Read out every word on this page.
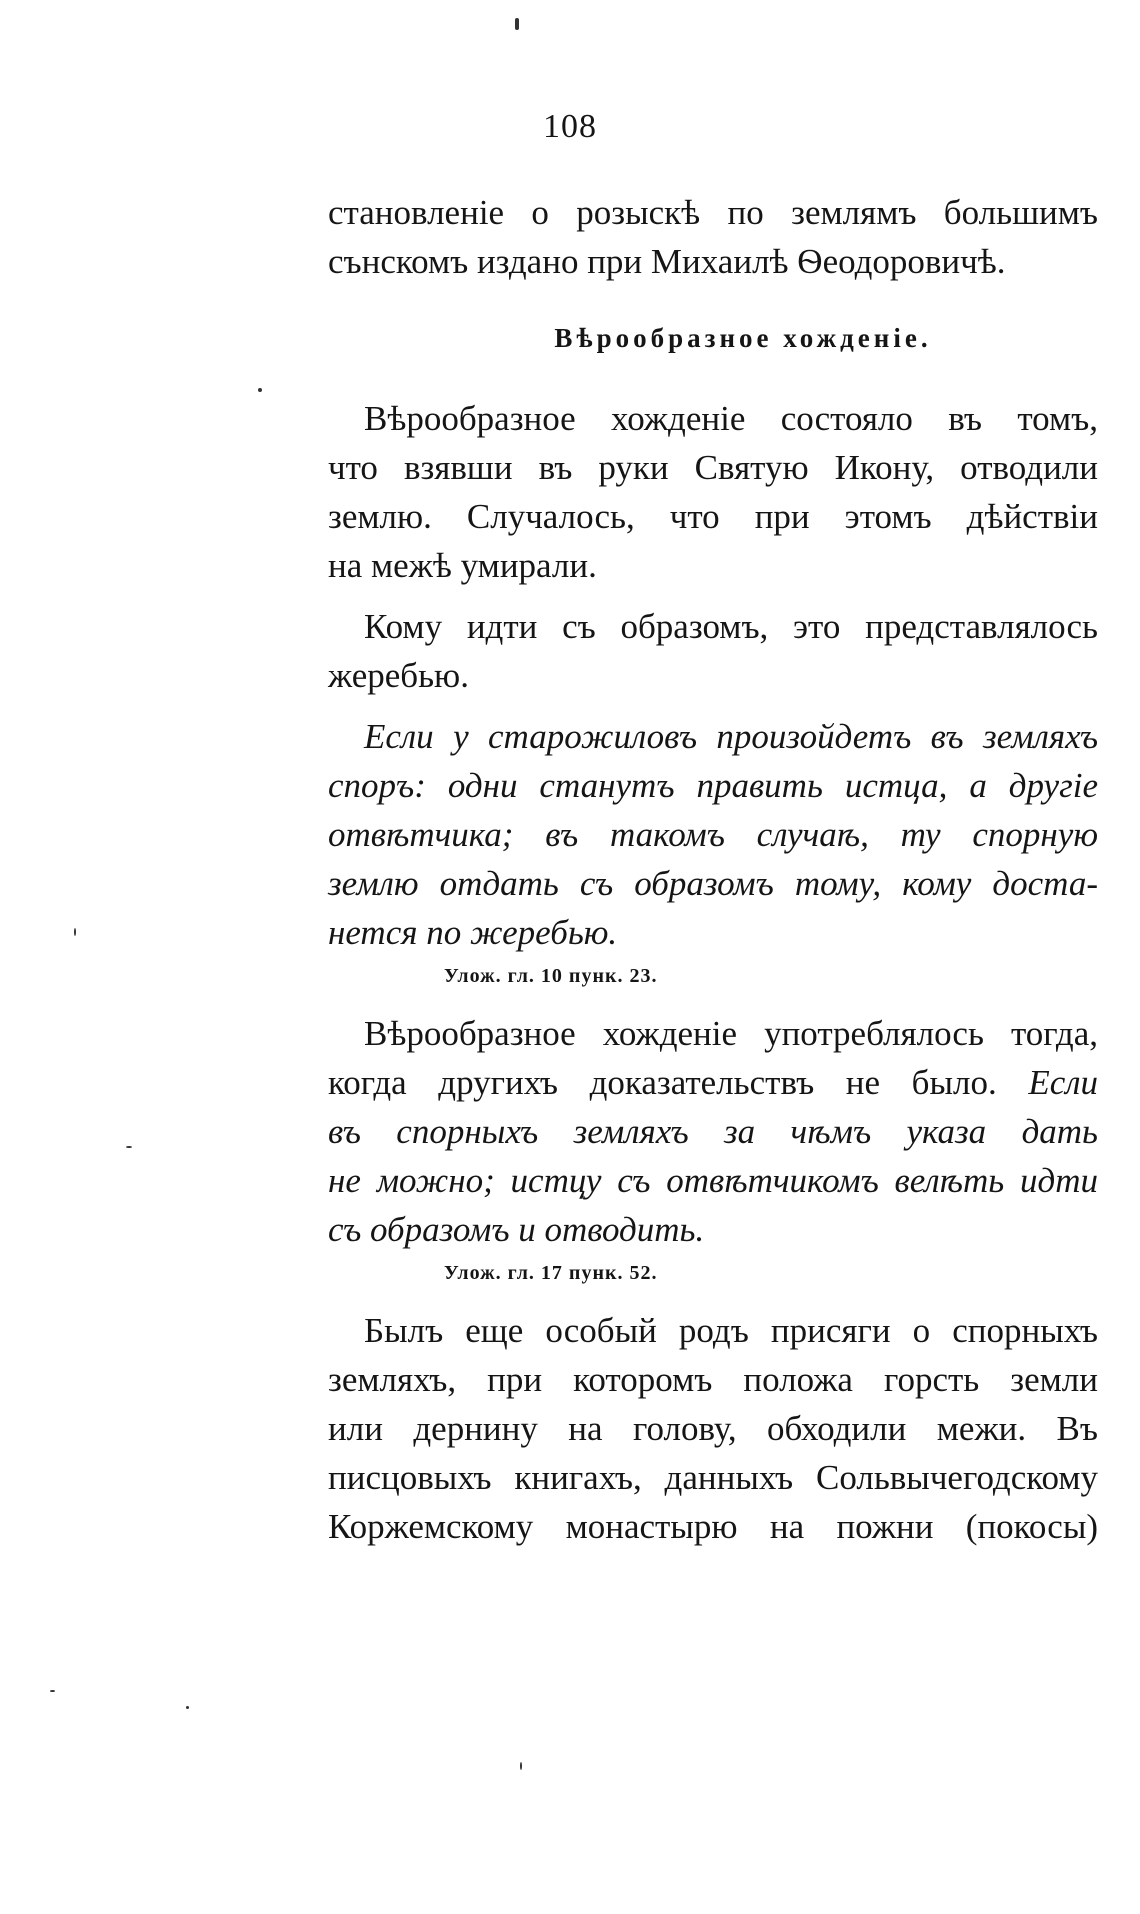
108
становленіе о розыскѣ по землямъ большимъ
сънскомъ издано при Михаилѣ Ѳеодоровичѣ.
Вѣрообразное хожденіе.
Вѣрообразное хожденіе состояло въ томъ,
что взявши въ руки Святую Икону, отводили
землю. Случалось, что при этомъ дѣйствіи
на межѣ умирали.
Кому идти съ образомъ, это представлялось
жеребью.
Если у старожиловъ произойдетъ въ земляхъ
споръ: одни станутъ править истца, а другіе
отвѣтчика; въ такомъ случаѣ, ту спорную
землю отдать съ образомъ тому, кому доста-
нется по жеребью.
Улож. гл. 10 пунк. 23.
Вѣрообразное хожденіе употреблялось тогда,
когда другихъ доказательствъ не было. Если
въ спорныхъ земляхъ за чѣмъ указа дать
не можно; истцу съ отвѣтчикомъ велѣть идти
съ образомъ и отводить.
Улож. гл. 17 пунк. 52.
Былъ еще особый родъ присяги о спорныхъ
земляхъ, при которомъ положа горсть земли
или дернину на голову, обходили межи. Въ
писцовыхъ книгахъ, данныхъ Сольвычегодскому
Коржемскому монастырю на пожни (покосы)
